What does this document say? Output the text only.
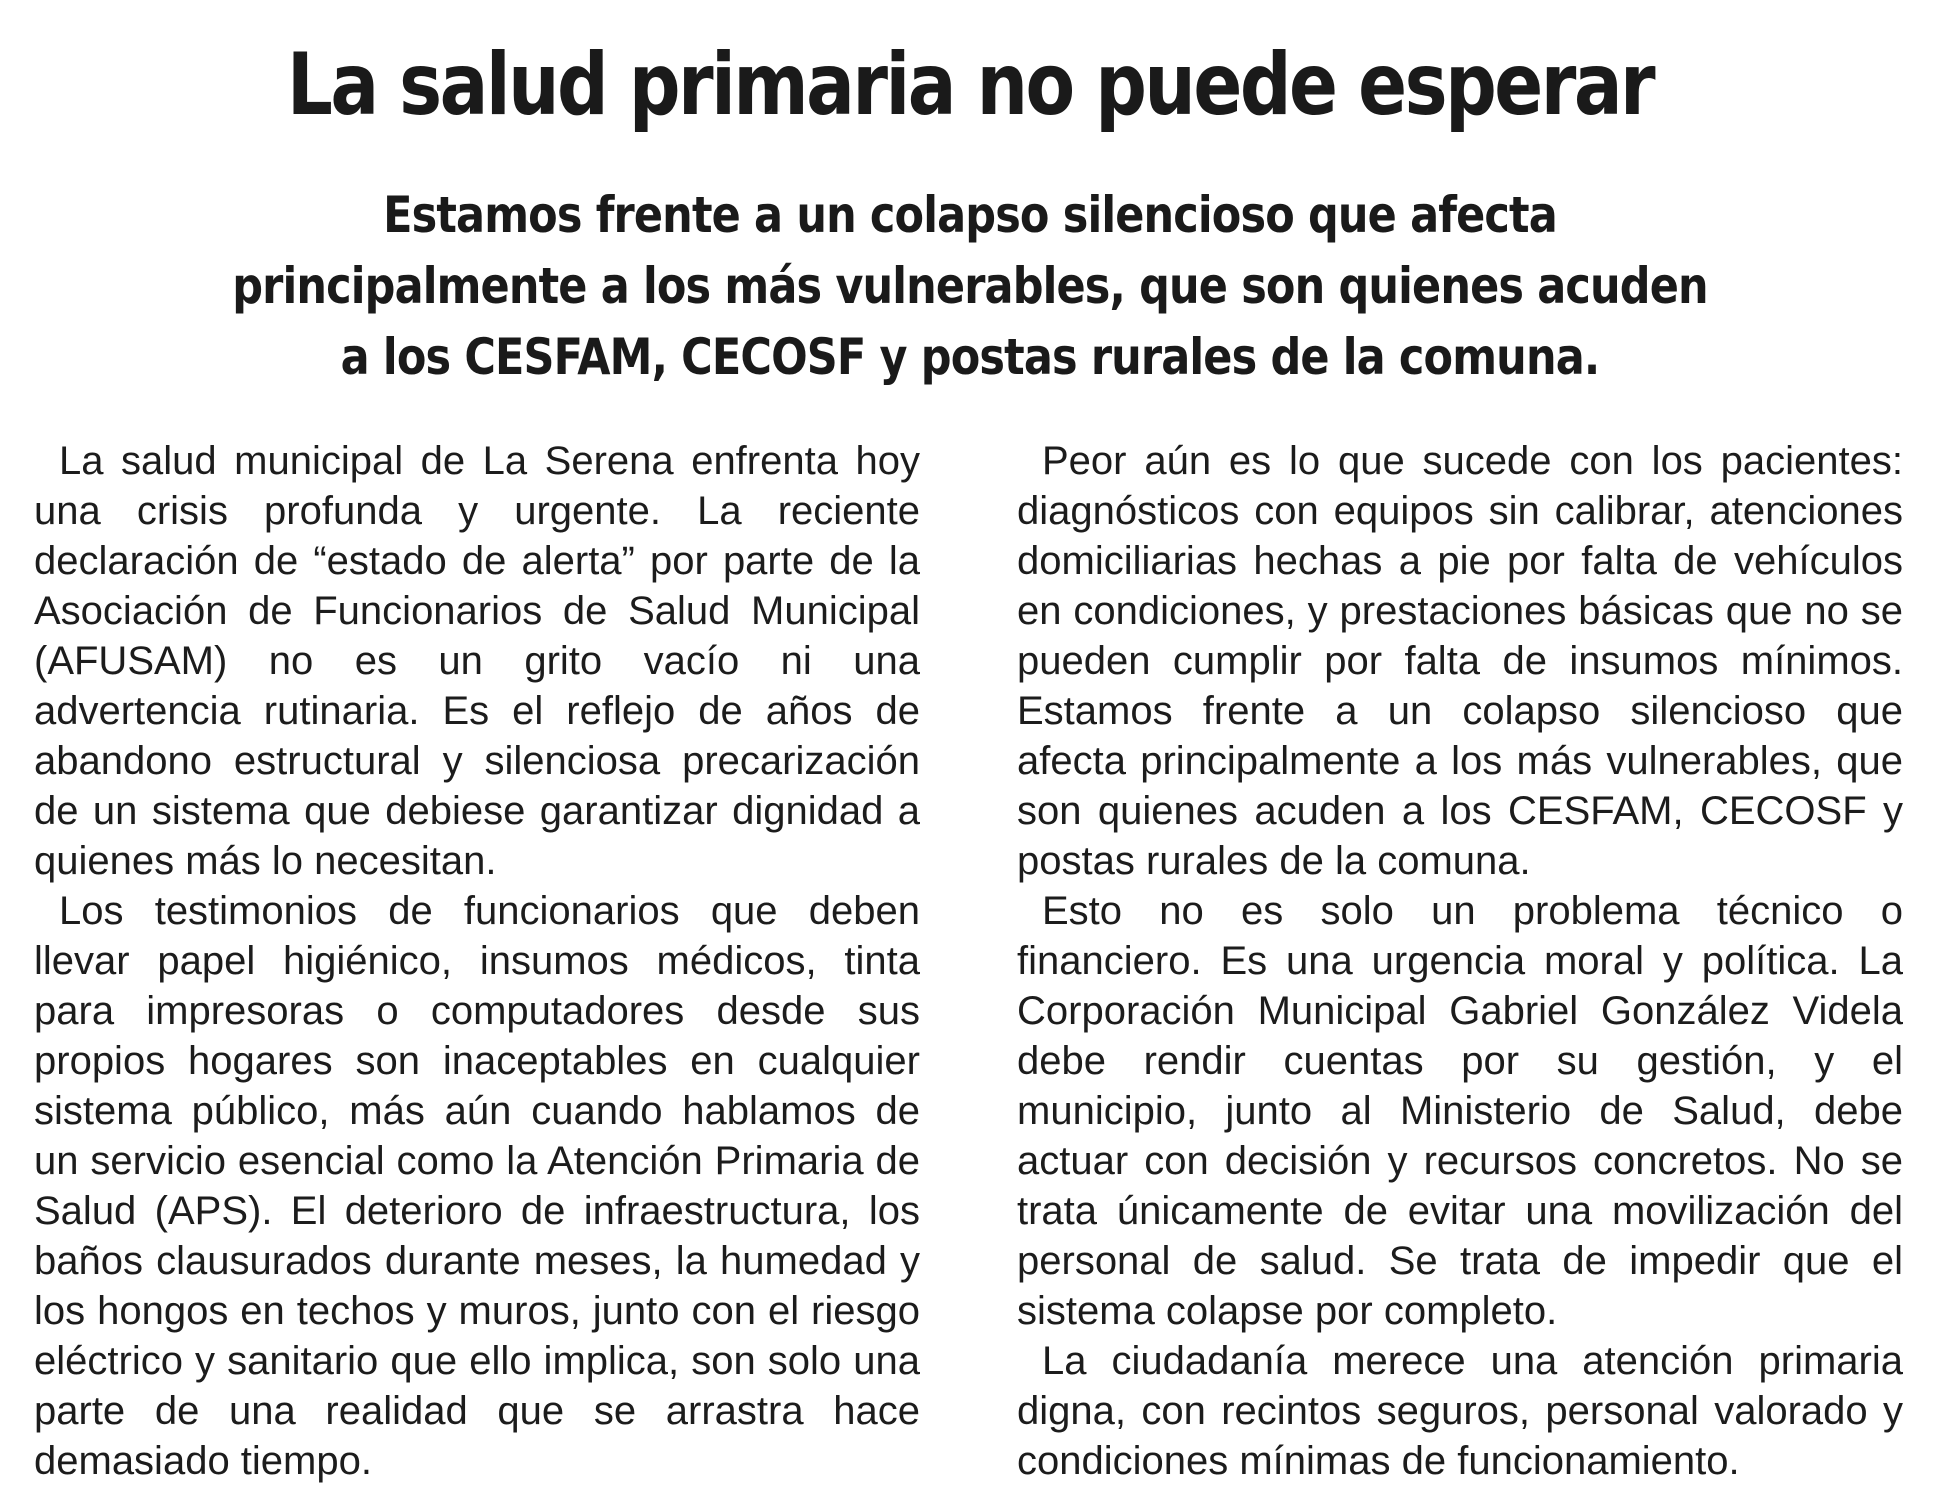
La salud primaria no puede esperar
Estamos frente a un colapso silencioso que afecta principalmente a los más vulnerables, que son quienes acuden a los CESFAM, CECOSF y postas rurales de la comuna.

La salud municipal de La Serena enfrenta hoy una crisis profunda y urgente. La reciente declaración de “estado de alerta” por parte de la Asociación de Funcionarios de Salud Municipal (AFUSAM) no es un grito vacío ni una advertencia rutinaria. Es el reflejo de años de abandono estructural y silenciosa precarización de un sistema que debiese garantizar dignidad a quienes más lo necesitan.

Los testimonios de funcionarios que deben llevar papel higiénico, insumos médicos, tinta para impresoras o computadores desde sus propios hogares son inaceptables en cualquier sistema público, más aún cuando hablamos de un servicio esencial como la Atención Primaria de Salud (APS). El deterioro de infraestructura, los baños clausurados durante meses, la humedad y los hongos en techos y muros, junto con el riesgo eléctrico y sanitario que ello implica, son solo una parte de una realidad que se arrastra hace demasiado tiempo.

Peor aún es lo que sucede con los pacientes: diagnósticos con equipos sin calibrar, atenciones domiciliarias hechas a pie por falta de vehículos en condiciones, y prestaciones básicas que no se pueden cumplir por falta de insumos mínimos. Estamos frente a un colapso silencioso que afecta principalmente a los más vulnerables, que son quienes acuden a los CESFAM, CECOSF y postas rurales de la comuna.

Esto no es solo un problema técnico o financiero. Es una urgencia moral y política. La Corporación Municipal Gabriel González Videla debe rendir cuentas por su gestión, y el municipio, junto al Ministerio de Salud, debe actuar con decisión y recursos concretos. No se trata únicamente de evitar una movilización del personal de salud. Se trata de impedir que el sistema colapse por completo.

La ciudadanía merece una atención primaria digna, con recintos seguros, personal valorado y condiciones mínimas de funcionamiento.
